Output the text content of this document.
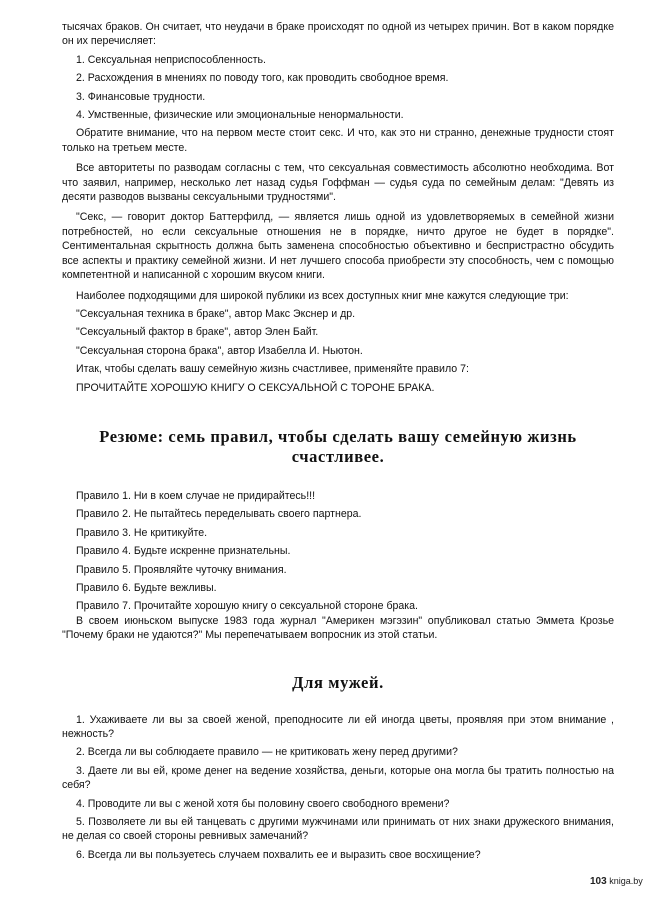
тысячах браков. Он считает, что неудачи в браке происходят по одной из четырех причин. Вот в каком порядке он их перечисляет:

1. Сексуальная неприспособленность.

2. Расхождения в мнениях по поводу того, как проводить свободное время.

3. Финансовые трудности.

4. Умственные, физические или эмоциональные ненормальности.

Обратите внимание, что на первом месте стоит секс. И что, как это ни странно, денежные трудности стоят только на третьем месте.

Все авторитеты по разводам согласны с тем, что сексуальная совместимость абсолютно необходима. Вот что заявил, например, несколько лет назад судья Гоффман — судья суда по семейным делам: "Девять из десяти разводов вызваны сексуальными трудностями".

"Секс, — говорит доктор Баттерфилд, — является лишь одной из удовлетворяемых в семейной жизни потребностей, но если сексуальные отношения не в порядке, ничто другое не будет в порядке". Сентиментальная скрытность должна быть заменена способностью объективно и беспристрастно обсудить все аспекты и практику семейной жизни. И нет лучшего способа приобрести эту способность, чем с помощью компетентной и написанной с хорошим вкусом книги.

Наиболее подходящими для широкой публики из всех доступных книг мне кажутся следующие три:

"Сексуальная техника в браке", автор Макс Экснер и др.

"Сексуальный фактор в браке", автор Элен Байт.

"Сексуальная сторона брака", автор Изабелла И. Ньютон.

Итак, чтобы сделать вашу семейную жизнь счастливее, применяйте правило 7:

ПРОЧИТАЙТЕ ХОРОШУЮ КНИГУ О СЕКСУАЛЬНОЙ С ТОРОНЕ БРАКА.

Резюме: семь правил, чтобы сделать вашу семейную жизнь счастливее.

Правило 1. Ни в коем случае не придирайтесь!!!

Правило 2. Не пытайтесь переделывать своего партнера.

Правило 3. Не критикуйте.

Правило 4. Будьте искренне признательны.

Правило 5. Проявляйте чуточку внимания.

Правило 6. Будьте вежливы.

Правило 7. Прочитайте хорошую книгу о сексуальной стороне брака.

В своем июньском выпуске 1983 года журнал "Америкен мэгэзин" опубликовал статью Эммета Крозье "Почему браки не удаются?" Мы перепечатываем вопросник из этой статьи.

Для мужей.

1. Ухаживаете ли вы за своей женой, преподносите ли ей иногда цветы, проявляя при этом внимание , нежность?

2. Всегда ли вы соблюдаете правило — не критиковать жену перед другими?

3. Даете ли вы ей, кроме денег на ведение хозяйства, деньги, которые она могла бы тратить полностью на себя?

4. Проводите ли вы с женой хотя бы половину своего свободного времени?

5. Позволяете ли вы ей танцевать с другими мужчинами или принимать от них знаки дружеского внимания, не делая со своей стороны ревнивых замечаний?

6. Всегда ли вы пользуетесь случаем похвалить ее и выразить свое восхищение?

103 kniga.by
